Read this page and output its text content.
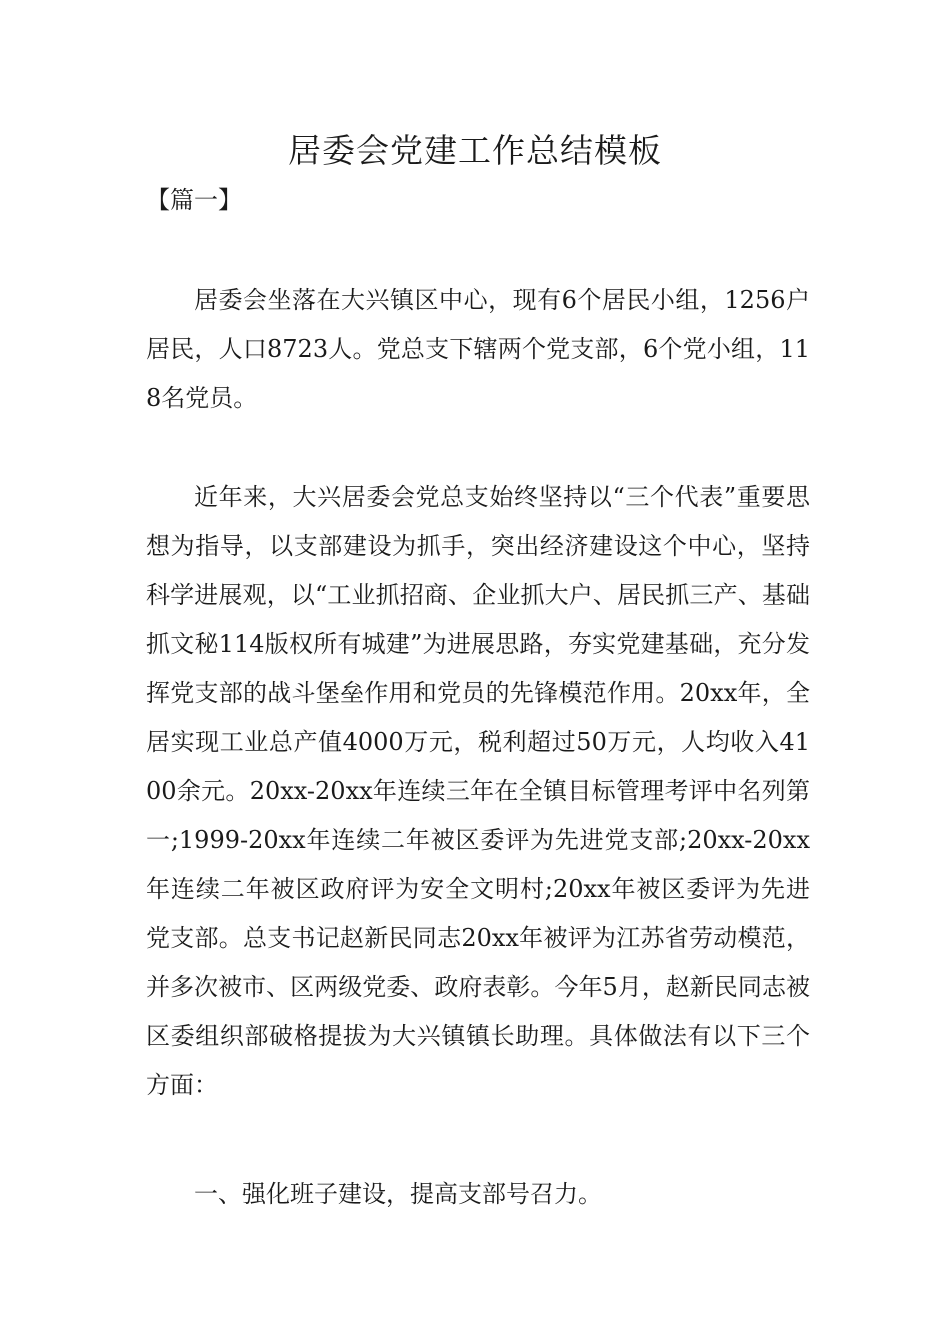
居委会党建工作总结模板

【篇一】

居委会坐落在大兴镇区中心，现有6个居民小组，1256户居民，人口8723人。党总支下辖两个党支部，6个党小组，118名党员。

近年来，大兴居委会党总支始终坚持以“三个代表”重要思想为指导，以支部建设为抓手，突出经济建设这个中心，坚持科学进展观，以“工业抓招商、企业抓大户、居民抓三产、基础抓文秘114版权所有城建”为进展思路，夯实党建基础，充分发挥党支部的战斗堡垒作用和党员的先锋模范作用。20xx年，全居实现工业总产值4000万元，税利超过50万元，人均收入4100余元。20xx-20xx年连续三年在全镇目标管理考评中名列第一;1999-20xx年连续二年被区委评为先进党支部;20xx-20xx年连续二年被区政府评为安全文明村;20xx年被区委评为先进党支部。总支书记赵新民同志20xx年被评为江苏省劳动模范，并多次被市、区两级党委、政府表彰。今年5月，赵新民同志被区委组织部破格提拔为大兴镇镇长助理。具体做法有以下三个方面：

一、强化班子建设，提高支部号召力。
